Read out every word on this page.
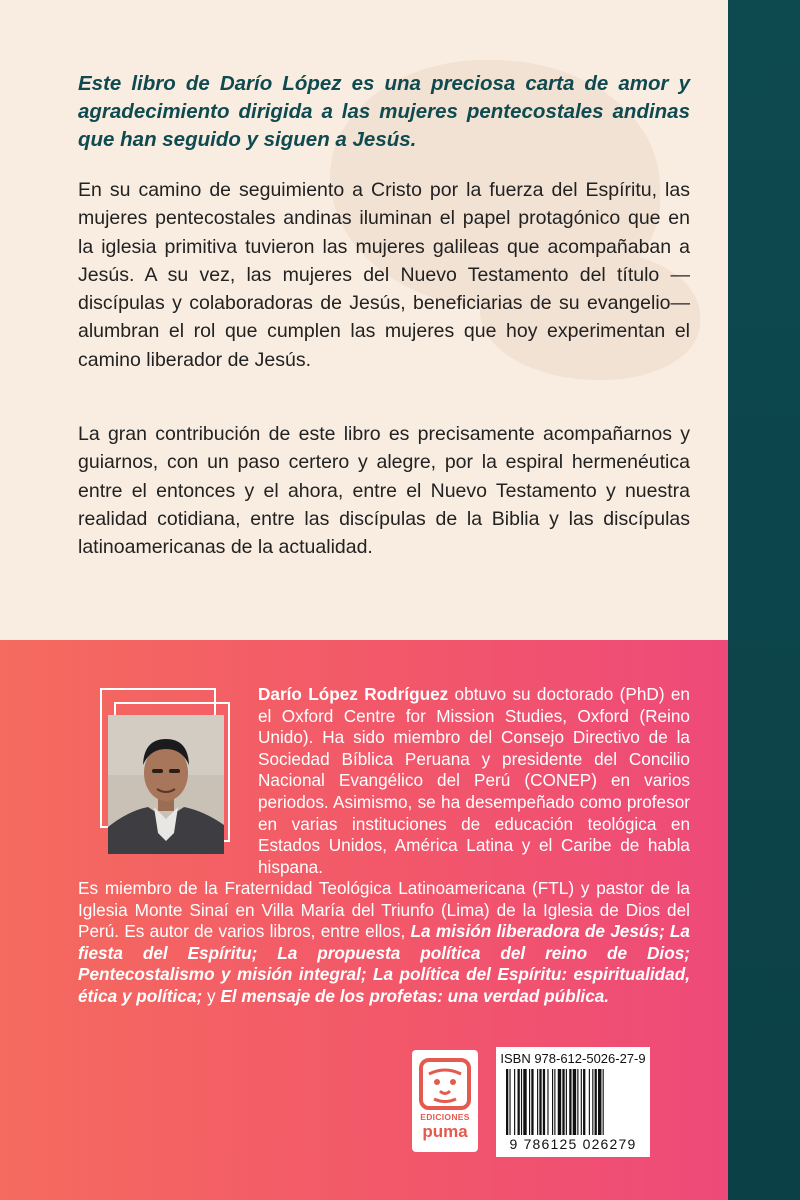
Este libro de Darío López es una preciosa carta de amor y agradecimiento dirigida a las mujeres pentecostales andinas que han seguido y siguen a Jesús.

En su camino de seguimiento a Cristo por la fuerza del Espíritu, las mujeres pentecostales andinas iluminan el papel protagónico que en la iglesia primitiva tuvieron las mujeres galileas que acompañaban a Jesús. A su vez, las mujeres del Nuevo Testamento del título —discípulas y colaboradoras de Jesús, beneficiarias de su evangelio— alumbran el rol que cumplen las mujeres que hoy experimentan el camino liberador de Jesús.

La gran contribución de este libro es precisamente acompañarnos y guiarnos, con un paso certero y alegre, por la espiral hermenéutica entre el entonces y el ahora, entre el Nuevo Testamento y nuestra realidad cotidiana, entre las discípulas de la Biblia y las discípulas latinoamericanas de la actualidad.

Darío López Rodríguez obtuvo su doctorado (PhD) en el Oxford Centre for Mission Studies, Oxford (Reino Unido). Ha sido miembro del Consejo Directivo de la Sociedad Bíblica Peruana y presidente del Concilio Nacional Evangélico del Perú (CONEP) en varios periodos. Asimismo, se ha desempeñado como profesor en varias instituciones de educación teológica en Estados Unidos, América Latina y el Caribe de habla hispana.

Es miembro de la Fraternidad Teológica Latinoamericana (FTL) y pastor de la Iglesia Monte Sinaí en Villa María del Triunfo (Lima) de la Iglesia de Dios del Perú. Es autor de varios libros, entre ellos, La misión liberadora de Jesús; La fiesta del Espíritu; La propuesta política del reino de Dios; Pentecostalismo y misión integral; La política del Espíritu: espiritualidad, ética y política; y El mensaje de los profetas: una verdad pública.

EDICIONES
puma
ISBN 978-612-5026-27-9
9 786125 026279
